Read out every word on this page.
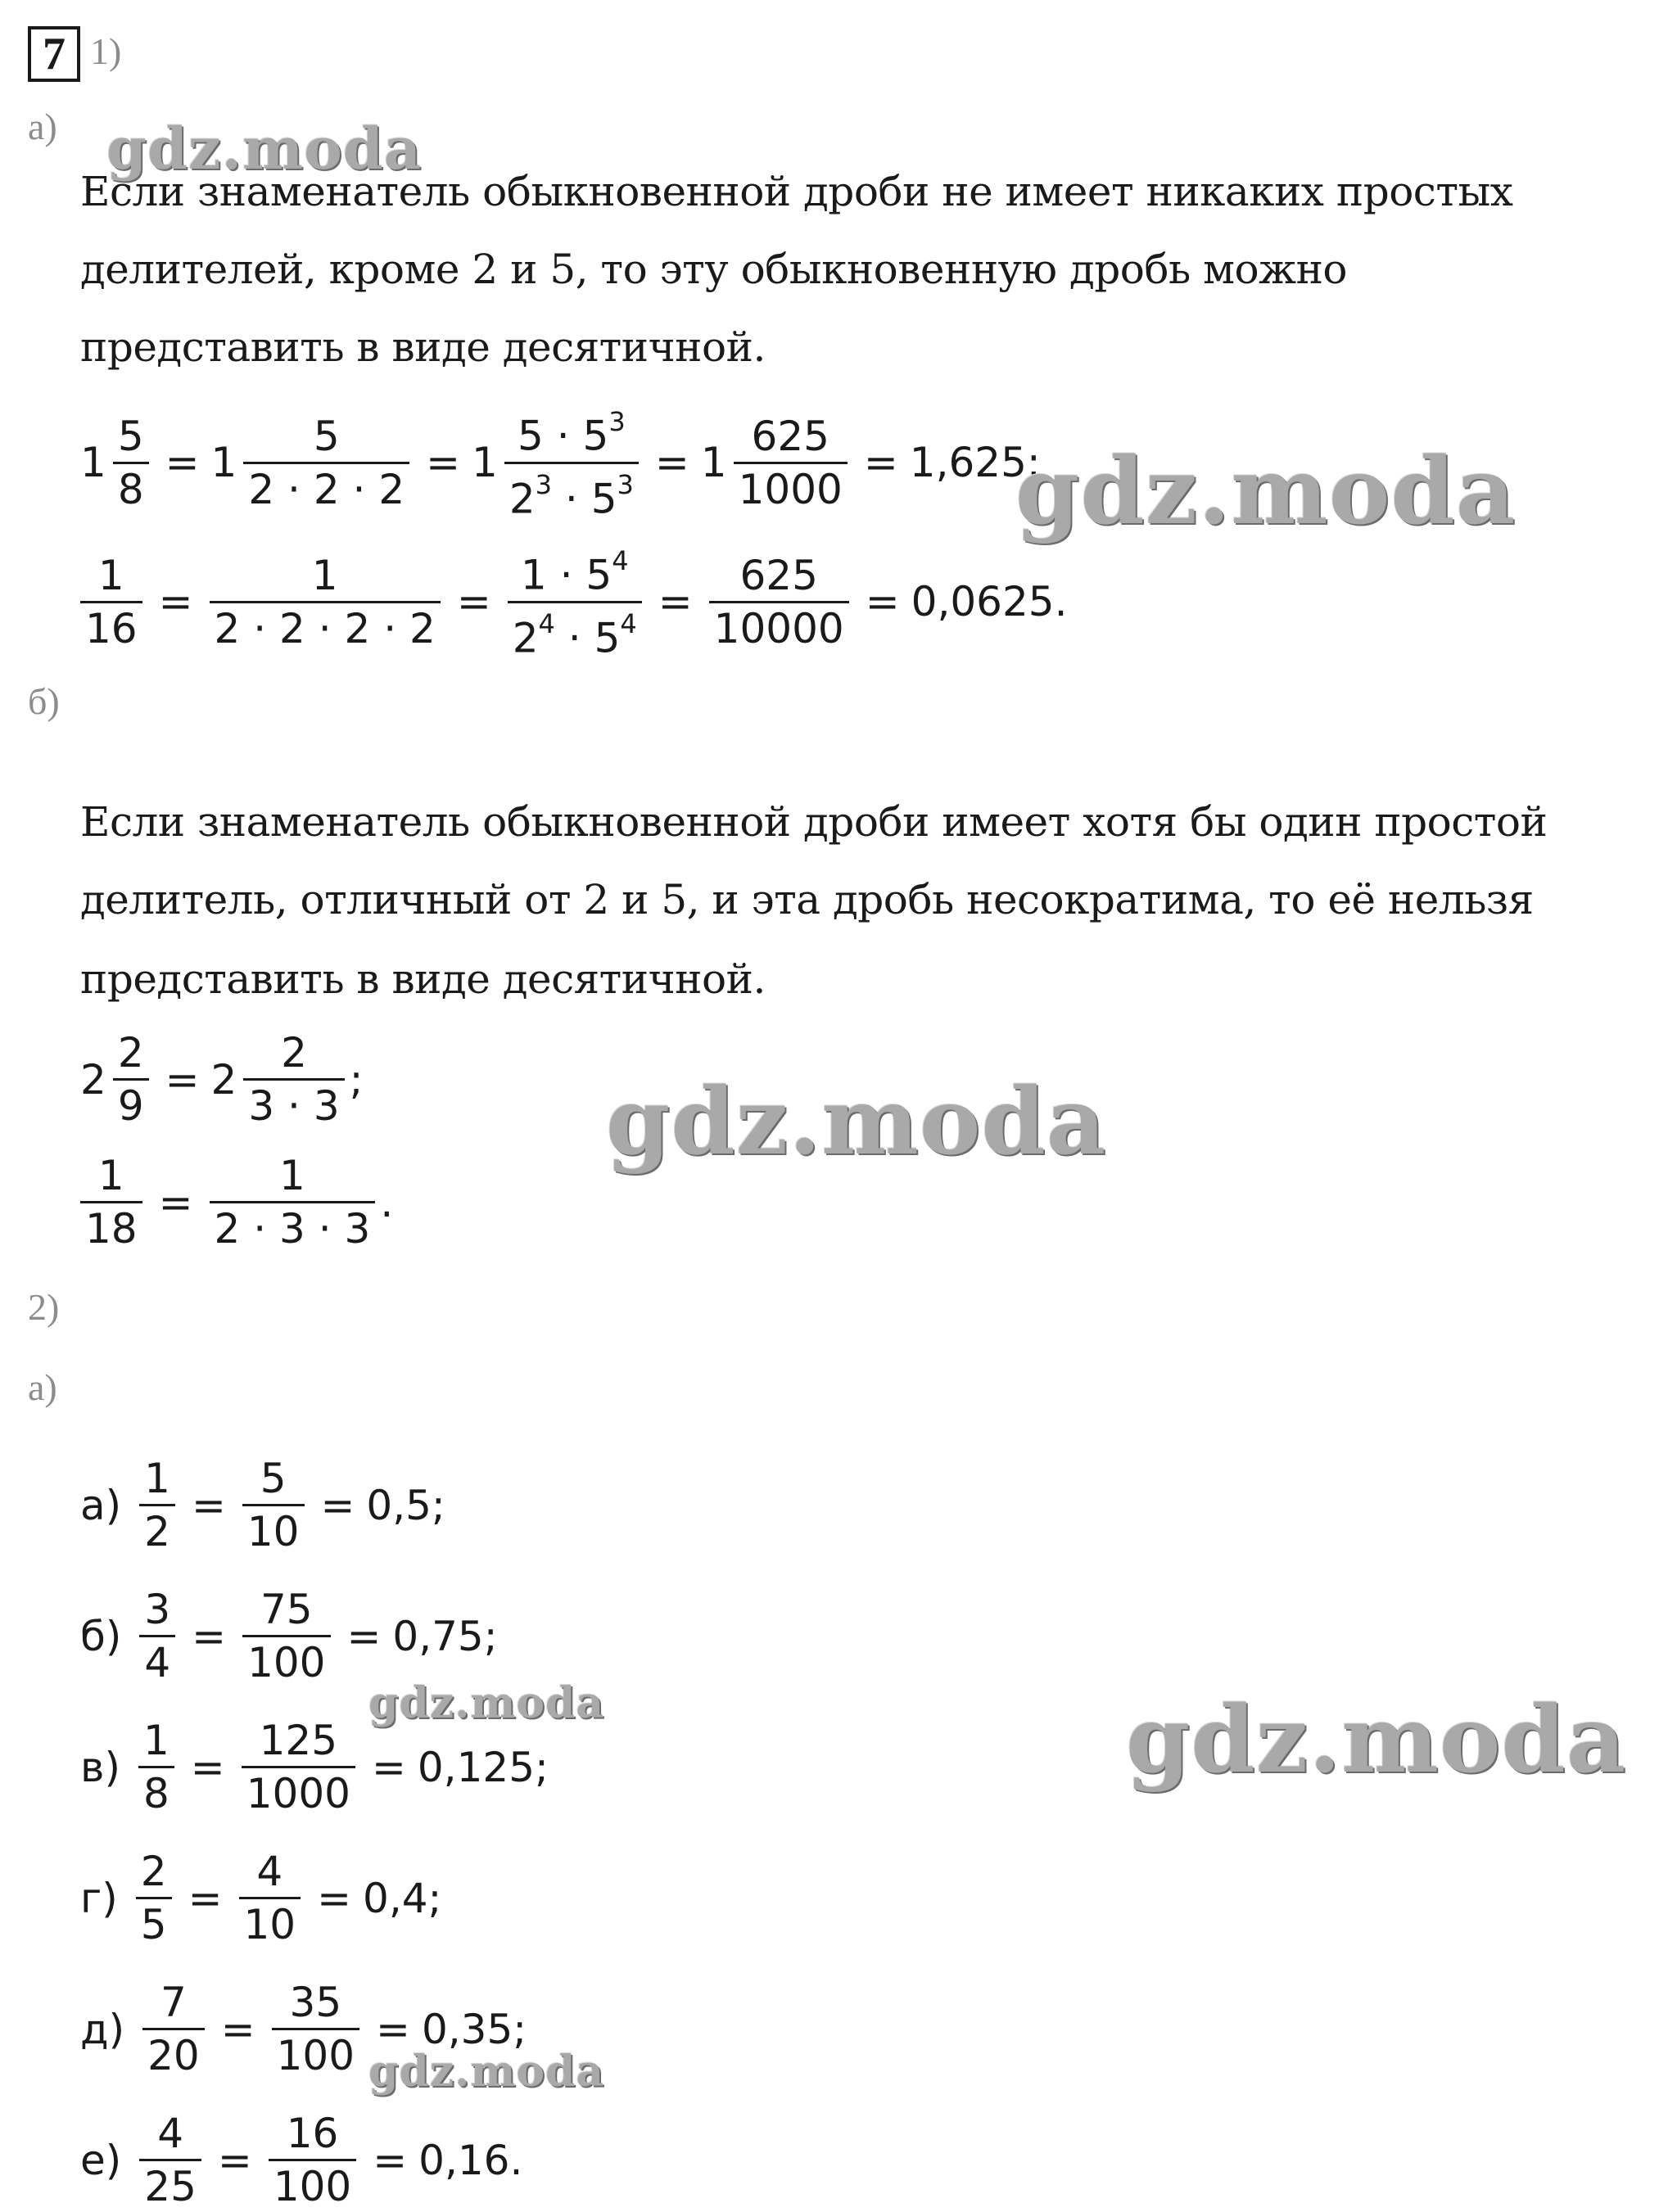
7 1)
а)
Если знаменатель обыкновенной дроби не имеет никаких простых
делителей, кроме 2 и 5, то эту обыкновенную дробь можно
представить в виде десятичной.
$1 \frac{5}{8} = 1 \frac{5}{2 \cdot 2 \cdot 2} = 1 \frac{5 \cdot 5^3}{2^3 \cdot 5^3} = 1 \frac{625}{1000} = 1,625$;
$\frac{1}{16} = \frac{1}{2 \cdot 2 \cdot 2 \cdot 2} = \frac{1 \cdot 5^4}{2^4 \cdot 5^4} = \frac{625}{10000} = 0,0625$.
б)
Если знаменатель обыкновенной дроби имеет хотя бы один простой
делитель, отличный от 2 и 5, и эта дробь несократима, то её нельзя
представить в виде десятичной.
$2 \frac{2}{9} = 2 \frac{2}{3 \cdot 3}$ ;
$\frac{1}{18} = \frac{1}{2 \cdot 3 \cdot 3}$ .
2)
а)
$а) \frac{1}{2} = \frac{5}{10} = 0,5$;
$б) \frac{3}{4} = \frac{75}{100} = 0,75$;
$в) \frac{1}{8} = \frac{125}{1000} = 0,125$;
$г) \frac{2}{5} = \frac{4}{10} = 0,4$;
$д) \frac{7}{20} = \frac{35}{100} = 0,35$;
$е) \frac{4}{25} = \frac{16}{100} = 0,16$.
gdz.moda
gdz.moda
gdz.moda
gdz.moda	gdz.moda
gdz.moda
